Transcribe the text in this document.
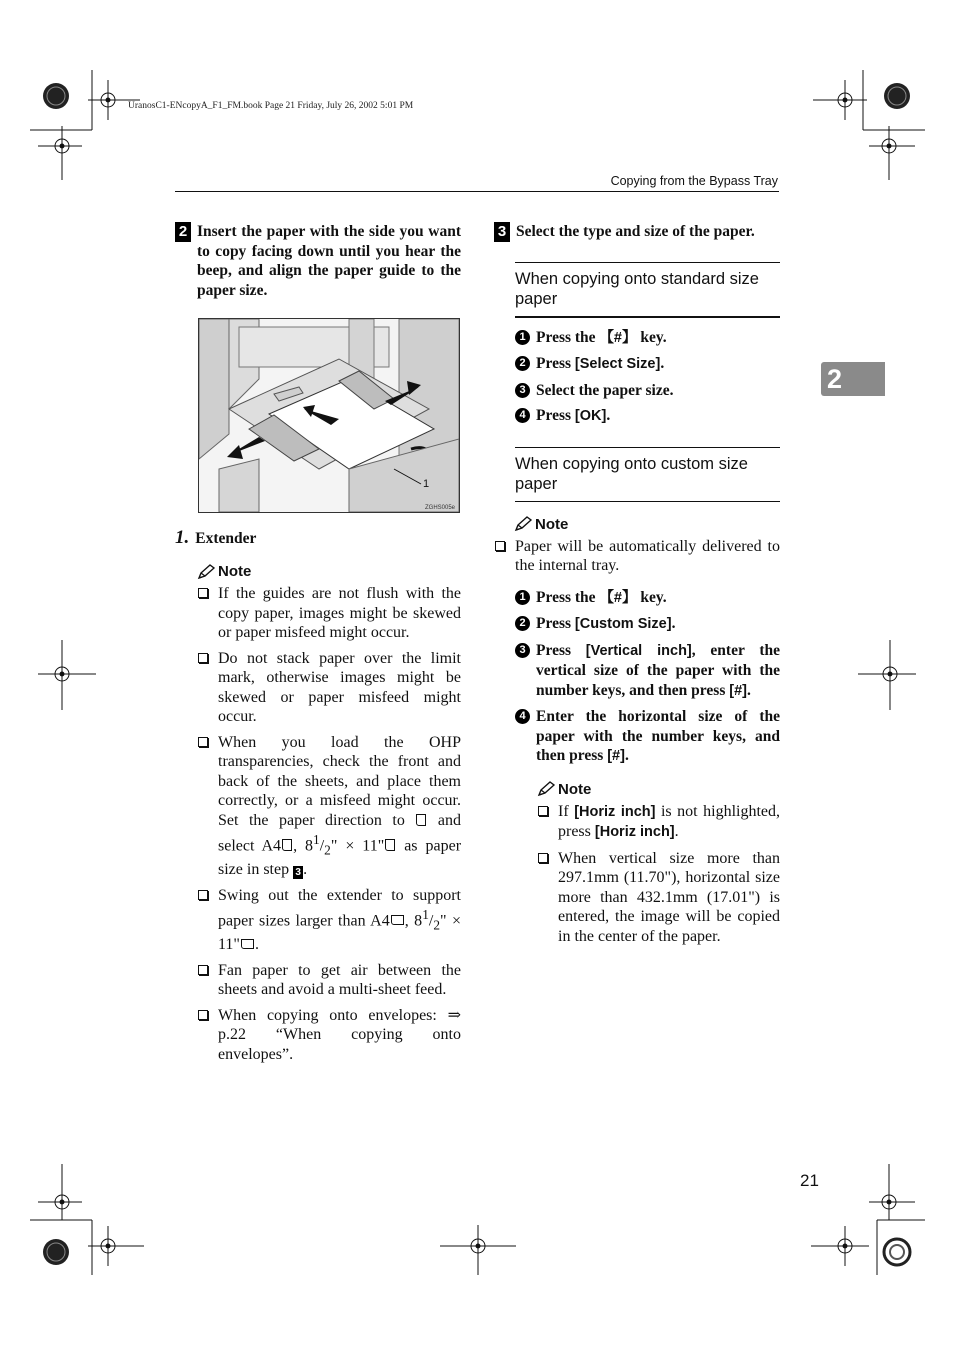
UranosC1-ENcopyA_F1_FM.book Page 21 Friday, July 26, 2002 5:01 PM
Copying from the Bypass Tray
2
21
2 Insert the paper with the side you want to copy facing down until you hear the beep, and align the paper guide to the paper size.
1
ZGHS005e
1. Extender
Note
If the guides are not flush with the copy paper, images might be skewed or paper misfeed might occur.
Do not stack paper over the limit mark, otherwise images might be skewed or paper misfeed might occur.
When you load the OHP transparencies, check the front and back of the sheets, and place them correctly, or a misfeed might occur. Set the paper direction to  and select A4 , $8^1/_2$" × 11" as paper size in step 3 .
Swing out the extender to support paper sizes larger than A4 , $8^1/_2$" × 11" .
Fan paper to get air between the sheets and avoid a multi-sheet feed.
When copying onto envelopes: ⇒ p.22 “When copying onto envelopes”.
3 Select the type and size of the paper.
When copying onto standard size paper
1 Press the 【#】 key.
2 Press [Select Size].
3 Select the paper size.
4 Press [OK].
When copying onto custom size paper
Note
Paper will be automatically delivered to the internal tray.
1 Press the 【#】 key.
2 Press [Custom Size].
3 Press [Vertical inch], enter the vertical size of the paper with the number keys, and then press [#].
4 Enter the horizontal size of the paper with the number keys, and then press [#].
Note
If [Horiz inch] is not highlighted, press [Horiz inch].
When vertical size more than 297.1mm (11.70"), horizontal size more than 432.1mm (17.01") is entered, the image will be copied in the center of the paper.
